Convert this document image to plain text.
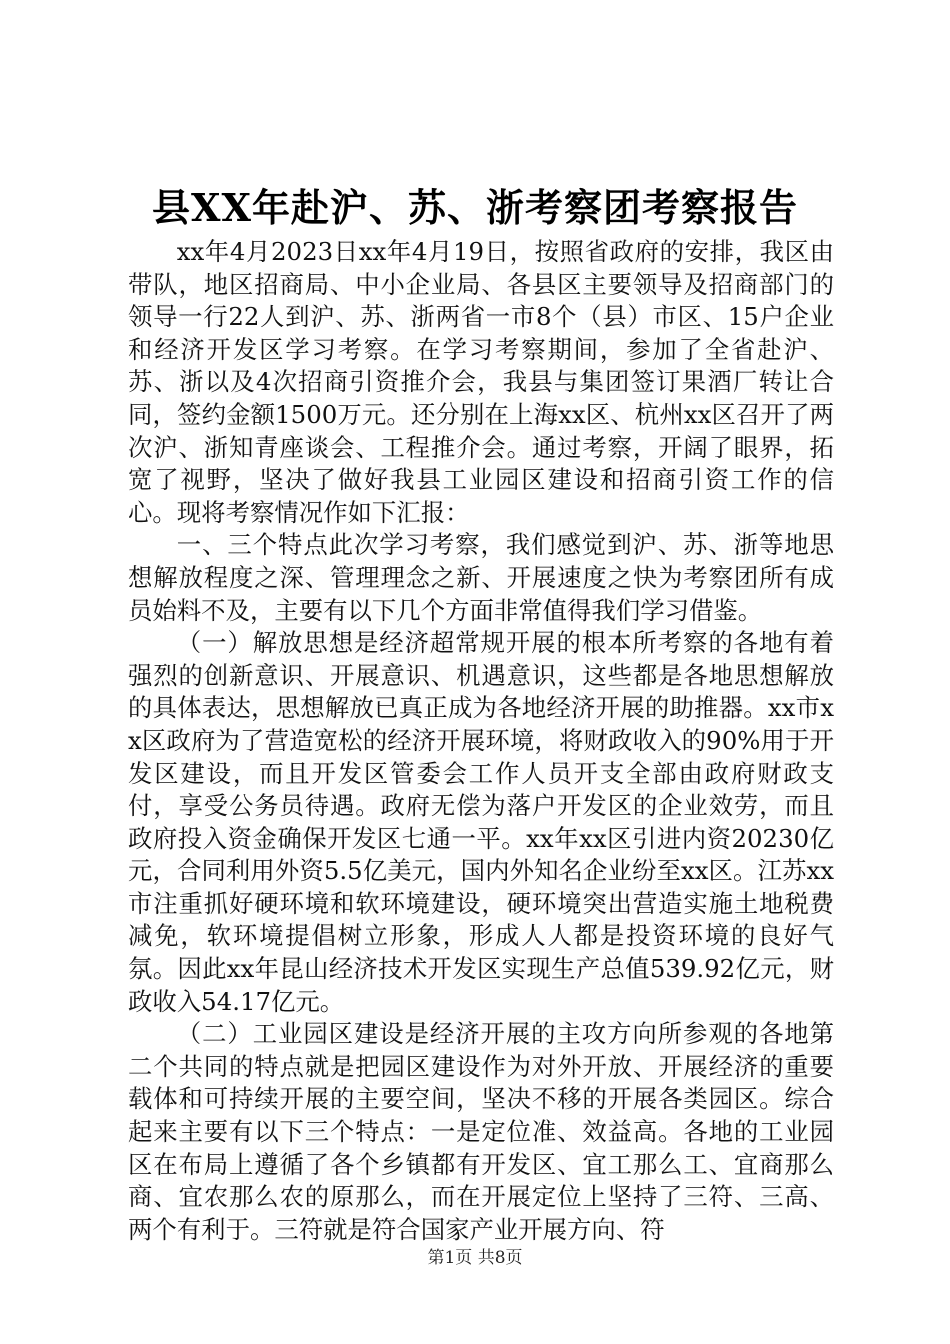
县XX年赴沪、苏、浙考察团考察报告

xx年4月2023日xx年4月19日，按照省政府的安排，我区由带队，地区招商局、中小企业局、各县区主要领导及招商部门的领导一行22人到沪、苏、浙两省一市8个（县）市区、15户企业和经济开发区学习考察。在学习考察期间，参加了全省赴沪、苏、浙以及4次招商引资推介会，我县与集团签订果酒厂转让合同，签约金额1500万元。还分别在上海xx区、杭州xx区召开了两次沪、浙知青座谈会、工程推介会。通过考察，开阔了眼界，拓宽了视野，坚决了做好我县工业园区建设和招商引资工作的信心。现将考察情况作如下汇报：

一、三个特点此次学习考察，我们感觉到沪、苏、浙等地思想解放程度之深、管理理念之新、开展速度之快为考察团所有成员始料不及，主要有以下几个方面非常值得我们学习借鉴。

（一）解放思想是经济超常规开展的根本所考察的各地有着强烈的创新意识、开展意识、机遇意识，这些都是各地思想解放的具体表达，思想解放已真正成为各地经济开展的助推器。xx市xx区政府为了营造宽松的经济开展环境，将财政收入的90%用于开发区建设，而且开发区管委会工作人员开支全部由政府财政支付，享受公务员待遇。政府无偿为落户开发区的企业效劳，而且政府投入资金确保开发区七通一平。xx年xx区引进内资20230亿元，合同利用外资5.5亿美元，国内外知名企业纷至xx区。江苏xx市注重抓好硬环境和软环境建设，硬环境突出营造实施土地税费减免，软环境提倡树立形象，形成人人都是投资环境的良好气氛。因此xx年昆山经济技术开发区实现生产总值539.92亿元，财政收入54.17亿元。

（二）工业园区建设是经济开展的主攻方向所参观的各地第二个共同的特点就是把园区建设作为对外开放、开展经济的重要载体和可持续开展的主要空间，坚决不移的开展各类园区。综合起来主要有以下三个特点：一是定位准、效益高。各地的工业园区在布局上遵循了各个乡镇都有开发区、宜工那么工、宜商那么商、宜农那么农的原那么，而在开展定位上坚持了三符、三高、两个有利于。三符就是符合国家产业开展方向、符

第1页 共8页
